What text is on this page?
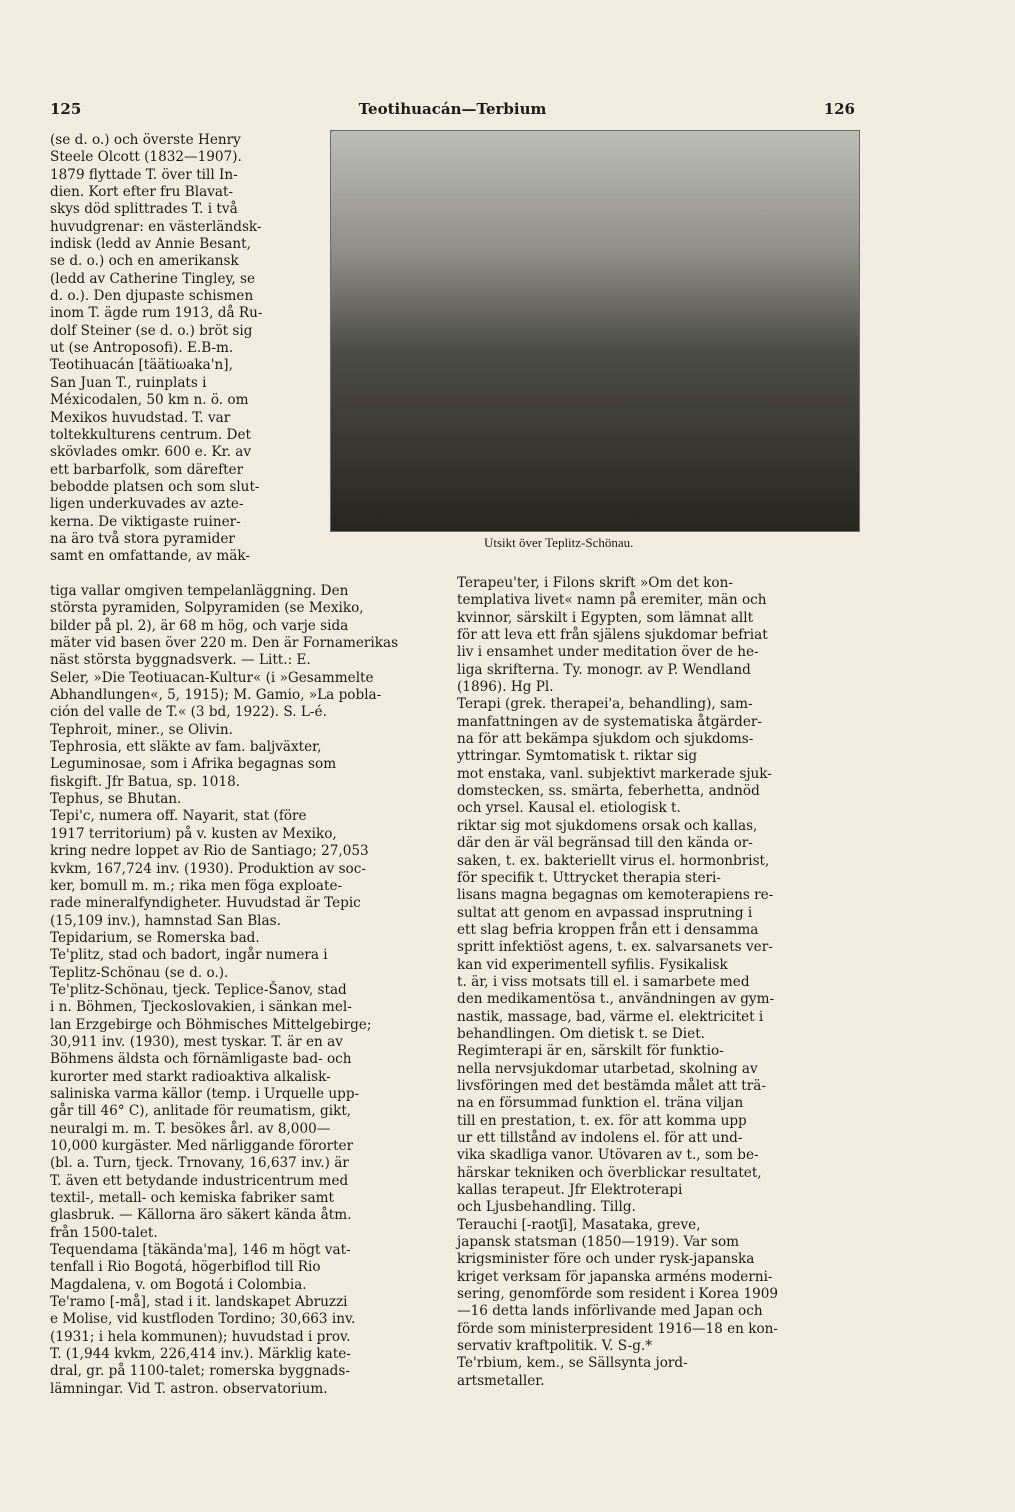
125	Teotihuacán—Terbium	126
Utsikt över Teplitz-Schönau.
(se d. o.) och överste Henry
Steele Olcott (1832—1907).
1879 flyttade T. över till In-
dien. Kort efter fru Blavat-
skys död splittrades T. i två
huvudgrenar: en västerländsk-
indisk (ledd av Annie Besant,
se d. o.) och en amerikansk
(ledd av Catherine Tingley, se
d. o.). Den djupaste schismen
inom T. ägde rum 1913, då Ru-
dolf Steiner (se d. o.) bröt sig
ut (se Antroposofi). E.B-m.
Teotihuacán [täätiωaka'n],
San Juan T., ruinplats i
Méxicodalen, 50 km n. ö. om
Mexikos huvudstad. T. var
toltekkulturens centrum. Det
skövlades omkr. 600 e. Kr. av
ett barbarfolk, som därefter
bebodde platsen och som slut-
ligen underkuvades av azte-
kerna. De viktigaste ruiner-
na äro två stora pyramider
samt en omfattande, av mäk-
tiga vallar omgiven tempelanläggning. Den
största pyramiden, Solpyramiden (se Mexiko,
bilder på pl. 2), är 68 m hög, och varje sida
mäter vid basen över 220 m. Den är Fornamerikas
näst största byggnadsverk. — Litt.: E.
Seler, »Die Teotiuacan-Kultur« (i »Gesammelte
Abhandlungen«, 5, 1915); M. Gamio, »La pobla-
ción del valle de T.« (3 bd, 1922). S. L-é.
Tephroit, miner., se Olivin.
Tephrosia, ett släkte av fam. baljväxter,
Leguminosae, som i Afrika begagnas som
fiskgift. Jfr Batua, sp. 1018.
Tephus, se Bhutan.
Tepi'c, numera off. Nayarit, stat (före
1917 territorium) på v. kusten av Mexiko,
kring nedre loppet av Rio de Santiago; 27,053
kvkm, 167,724 inv. (1930). Produktion av soc-
ker, bomull m. m.; rika men föga exploate-
rade mineralfyndigheter. Huvudstad är Tepic
(15,109 inv.), hamnstad San Blas.
Tepidarium, se Romerska bad.
Te'plitz, stad och badort, ingår numera i
Teplitz-Schönau (se d. o.).
Te'plitz-Schönau, tjeck. Teplice-Šanov, stad
i n. Böhmen, Tjeckoslovakien, i sänkan mel-
lan Erzgebirge och Böhmisches Mittelgebirge;
30,911 inv. (1930), mest tyskar. T. är en av
Böhmens äldsta och förnämligaste bad- och
kurorter med starkt radioaktiva alkalisk-
saliniska varma källor (temp. i Urquelle upp-
går till 46° C), anlitade för reumatism, gikt,
neuralgi m. m. T. besökes årl. av 8,000—
10,000 kurgäster. Med närliggande förorter
(bl. a. Turn, tjeck. Trnovany, 16,637 inv.) är
T. även ett betydande industricentrum med
textil-, metall- och kemiska fabriker samt
glasbruk. — Källorna äro säkert kända åtm.
från 1500-talet.
Tequendama [täkända'ma], 146 m högt vat-
tenfall i Rio Bogotá, högerbiflod till Rio
Magdalena, v. om Bogotá i Colombia.
Te'ramo [-må], stad i it. landskapet Abruzzi
e Molise, vid kustfloden Tordino; 30,663 inv.
(1931; i hela kommunen); huvudstad i prov.
T. (1,944 kvkm, 226,414 inv.). Märklig kate-
dral, gr. på 1100-talet; romerska byggnads-
lämningar. Vid T. astron. observatorium.
Terapeu'ter, i Filons skrift »Om det kon-
templativa livet« namn på eremiter, män och
kvinnor, särskilt i Egypten, som lämnat allt
för att leva ett från själens sjukdomar befriat
liv i ensamhet under meditation över de he-
liga skrifterna. Ty. monogr. av P. Wendland
(1896). Hg Pl.
Terapi (grek. therapei'a, behandling), sam-
manfattningen av de systematiska åtgärder-
na för att bekämpa sjukdom och sjukdoms-
yttringar. Symtomatisk t. riktar sig
mot enstaka, vanl. subjektivt markerade sjuk-
domstecken, ss. smärta, feberhetta, andnöd
och yrsel. Kausal el. etiologisk t.
riktar sig mot sjukdomens orsak och kallas,
där den är väl begränsad till den kända or-
saken, t. ex. bakteriellt virus el. hormonbrist,
för specifik t. Uttrycket therapia steri-
lisans magna begagnas om kemoterapiens re-
sultat att genom en avpassad insprutning i
ett slag befria kroppen från ett i densamma
spritt infektiöst agens, t. ex. salvarsanets ver-
kan vid experimentell syfilis. Fysikalisk
t. är, i viss motsats till el. i samarbete med
den medikamentösa t., användningen av gym-
nastik, massage, bad, värme el. elektricitet i
behandlingen. Om dietisk t. se Diet.
Regimterapi är en, särskilt för funktio-
nella nervsjukdomar utarbetad, skolning av
livsföringen med det bestämda målet att trä-
na en försummad funktion el. träna viljan
till en prestation, t. ex. för att komma upp
ur ett tillstånd av indolens el. för att und-
vika skadliga vanor. Utövaren av t., som be-
härskar tekniken och överblickar resultatet,
kallas terapeut. Jfr Elektroterapi
och Ljusbehandling. Tillg.
Terauchi [-raotʃi], Masataka, greve,
japansk statsman (1850—1919). Var som
krigsminister före och under rysk-japanska
kriget verksam för japanska arméns moderni-
sering, genomförde som resident i Korea 1909
—16 detta lands införlivande med Japan och
förde som ministerpresident 1916—18 en kon-
servativ kraftpolitik. V. S-g.*
Te'rbium, kem., se Sällsynta jord-
artsmetaller.
